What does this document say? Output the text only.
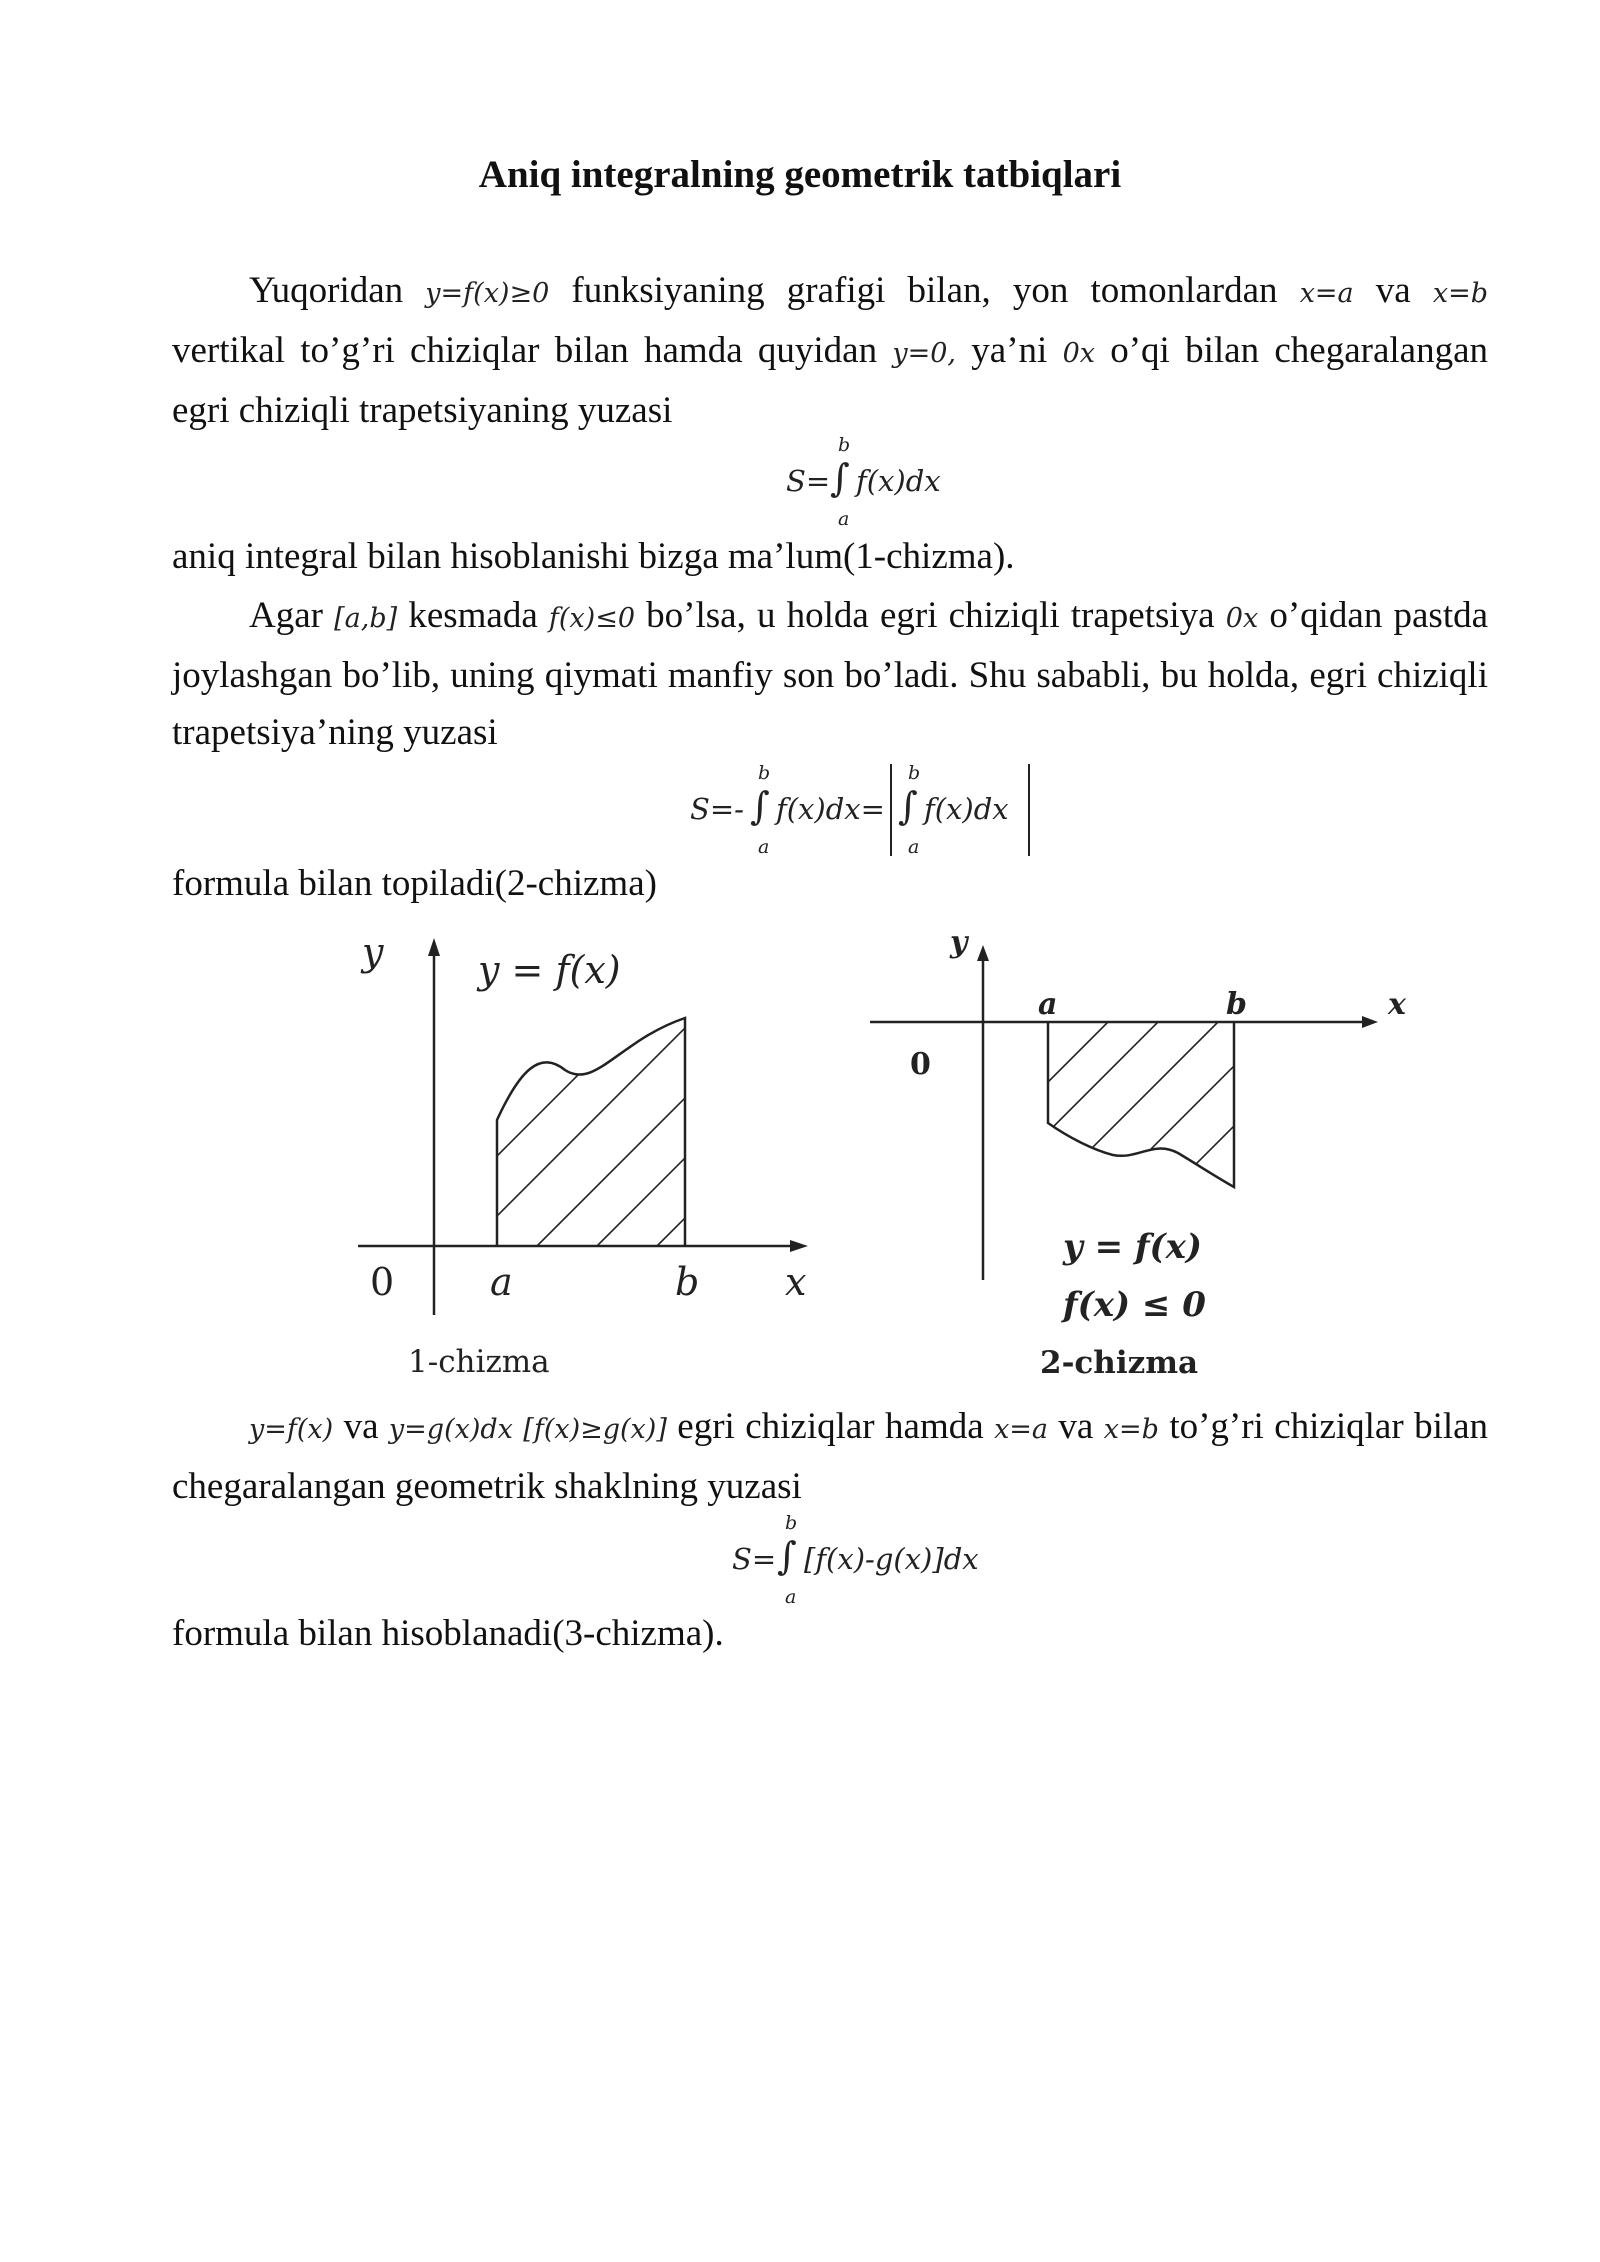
Aniq integralning geometrik tatbiqlari
Yuqoridan y=f(x)≥0 funksiyaning grafigi bilan, yon tomonlardan x=a va x=b vertikal to’g’ri chiziqlar bilan hamda quyidan y=0, ya’ni 0x o’qi bilan chegaralangan egri chiziqli trapetsiyaning yuzasi
b
S= ∫ f(x)dx
a
aniq integral bilan hisoblanishi bizga ma’lum(1-chizma).
Agar [a,b] kesmada f(x)≤0 bo’lsa, u holda egri chiziqli trapetsiya 0x o’qidan pastda joylashgan bo’lib, uning qiymati manfiy son bo’ladi. Shu sababli, bu holda, egri chiziqli trapetsiya’ning yuzasi
b
S=- ∫ f(x)dx=
a
b
∫ f(x)dx
a
formula bilan topiladi(2-chizma)
y y = f(x)
0	a	b x
1-chizma
y
0
a	b	x
y = f(x)
f(x) ≤ 0
2-chizma
y=f(x) va y=g(x)dx [f(x)≥g(x)] egri chiziqlar hamda x=a va x=b to’g’ri chiziqlar bilan chegaralangan geometrik shaklning yuzasi
b
S= ∫ [f(x)-g(x)]dx
a
formula bilan hisoblanadi(3-chizma).
